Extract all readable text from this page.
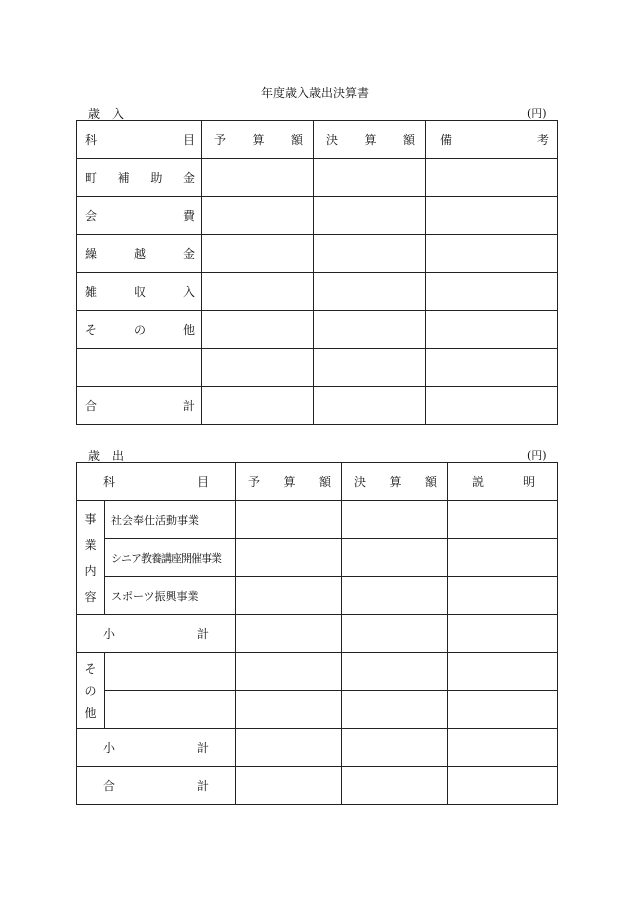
年度歳入歳出決算書
歳　入	(円)
科 目	予 算 額	決 算 額	備 考

町 補 助 金			

会 費			

繰 越 金			

雑 収 入			

そ の 他			

合 計			

歳　出	(円)
科 目		予 算 額	決 算 額	説 明

事
業
内
容	社会奉仕活動事業			

	シニア教養講座開催事業			

	スポーツ振興事業			

小 計				

そ
の
他				

小 計				

合 計				
